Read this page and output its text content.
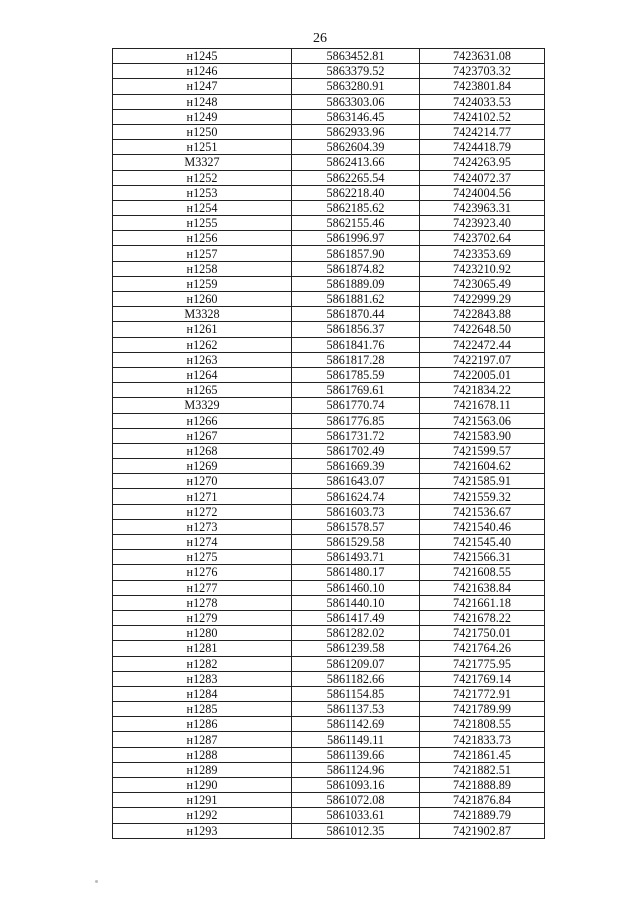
26
н1245	5863452.81	7423631.08
н1246	5863379.52	7423703.32
н1247	5863280.91	7423801.84
н1248	5863303.06	7424033.53
н1249	5863146.45	7424102.52
н1250	5862933.96	7424214.77
н1251	5862604.39	7424418.79
М3327	5862413.66	7424263.95
н1252	5862265.54	7424072.37
н1253	5862218.40	7424004.56
н1254	5862185.62	7423963.31
н1255	5862155.46	7423923.40
н1256	5861996.97	7423702.64
н1257	5861857.90	7423353.69
н1258	5861874.82	7423210.92
н1259	5861889.09	7423065.49
н1260	5861881.62	7422999.29
М3328	5861870.44	7422843.88
н1261	5861856.37	7422648.50
н1262	5861841.76	7422472.44
н1263	5861817.28	7422197.07
н1264	5861785.59	7422005.01
н1265	5861769.61	7421834.22
М3329	5861770.74	7421678.11
н1266	5861776.85	7421563.06
н1267	5861731.72	7421583.90
н1268	5861702.49	7421599.57
н1269	5861669.39	7421604.62
н1270	5861643.07	7421585.91
н1271	5861624.74	7421559.32
н1272	5861603.73	7421536.67
н1273	5861578.57	7421540.46
н1274	5861529.58	7421545.40
н1275	5861493.71	7421566.31
н1276	5861480.17	7421608.55
н1277	5861460.10	7421638.84
н1278	5861440.10	7421661.18
н1279	5861417.49	7421678.22
н1280	5861282.02	7421750.01
н1281	5861239.58	7421764.26
н1282	5861209.07	7421775.95
н1283	5861182.66	7421769.14
н1284	5861154.85	7421772.91
н1285	5861137.53	7421789.99
н1286	5861142.69	7421808.55
н1287	5861149.11	7421833.73
н1288	5861139.66	7421861.45
н1289	5861124.96	7421882.51
н1290	5861093.16	7421888.89
н1291	5861072.08	7421876.84
н1292	5861033.61	7421889.79
н1293	5861012.35	7421902.87
